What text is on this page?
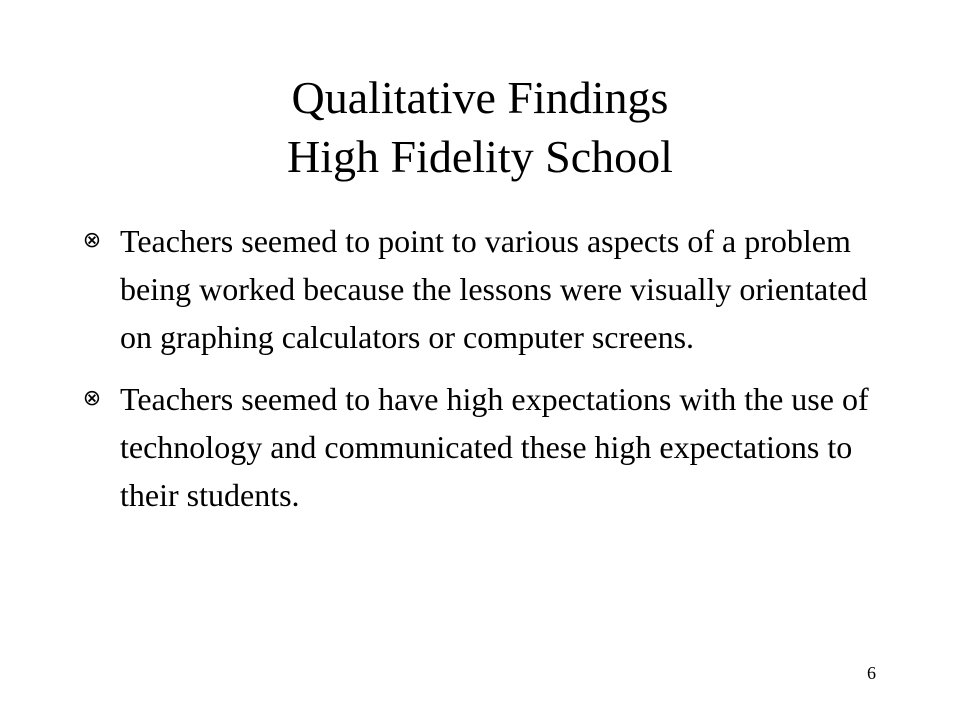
Qualitative Findings
High Fidelity School
⊗ Teachers seemed to point to various aspects of a problem being worked because the lessons were visually orientated on graphing calculators or computer screens.
⊗ Teachers seemed to have high expectations with the use of technology and communicated these high expectations to their students.
6
